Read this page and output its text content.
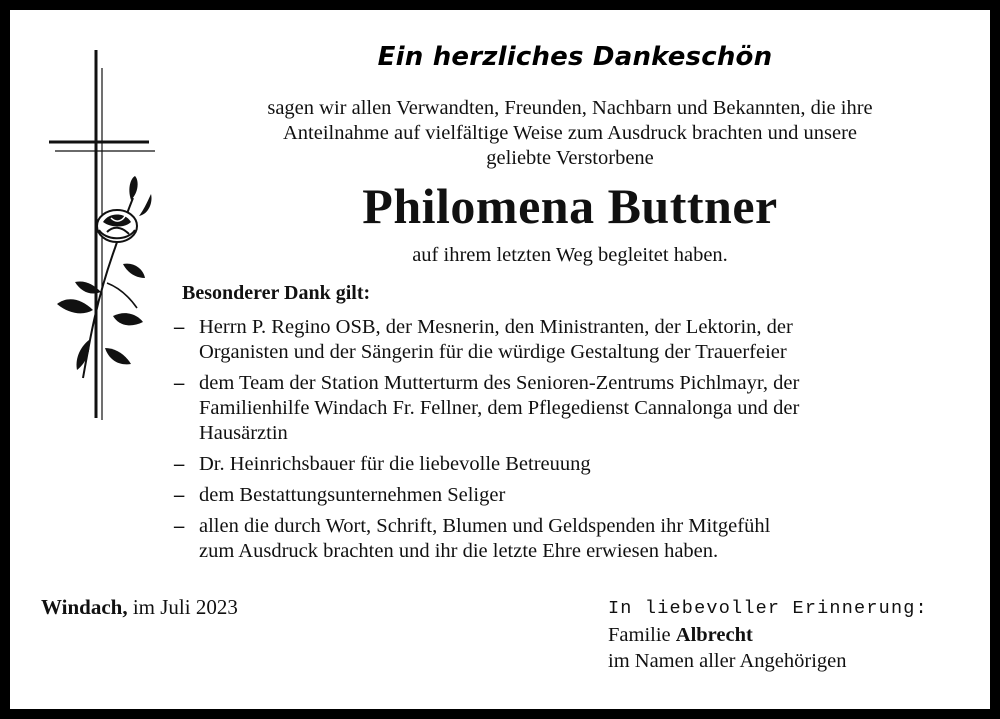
Ein herzliches Dankeschön
sagen wir allen Verwandten, Freunden, Nachbarn und Bekannten, die ihre
Anteilnahme auf vielfältige Weise zum Ausdruck brachten und unsere
geliebte Verstorbene
Philomena Buttner
auf ihrem letzten Weg begleitet haben.
Besonderer Dank gilt:
– Herrn P. Regino OSB, der Mesnerin, den Ministranten, der Lektorin, der
Organisten und der Sängerin für die würdige Gestaltung der Trauerfeier
– dem Team der Station Mutterturm des Senioren-Zentrums Pichlmayr, der
Familienhilfe Windach Fr. Fellner, dem Pflegedienst Cannalonga und der
Hausärztin
– Dr. Heinrichsbauer für die liebevolle Betreuung
– dem Bestattungsunternehmen Seliger
– allen die durch Wort, Schrift, Blumen und Geldspenden ihr Mitgefühl
zum Ausdruck brachten und ihr die letzte Ehre erwiesen haben.
Windach, im Juli 2023	In liebevoller Erinnerung:
Familie Albrecht
im Namen aller Angehörigen
